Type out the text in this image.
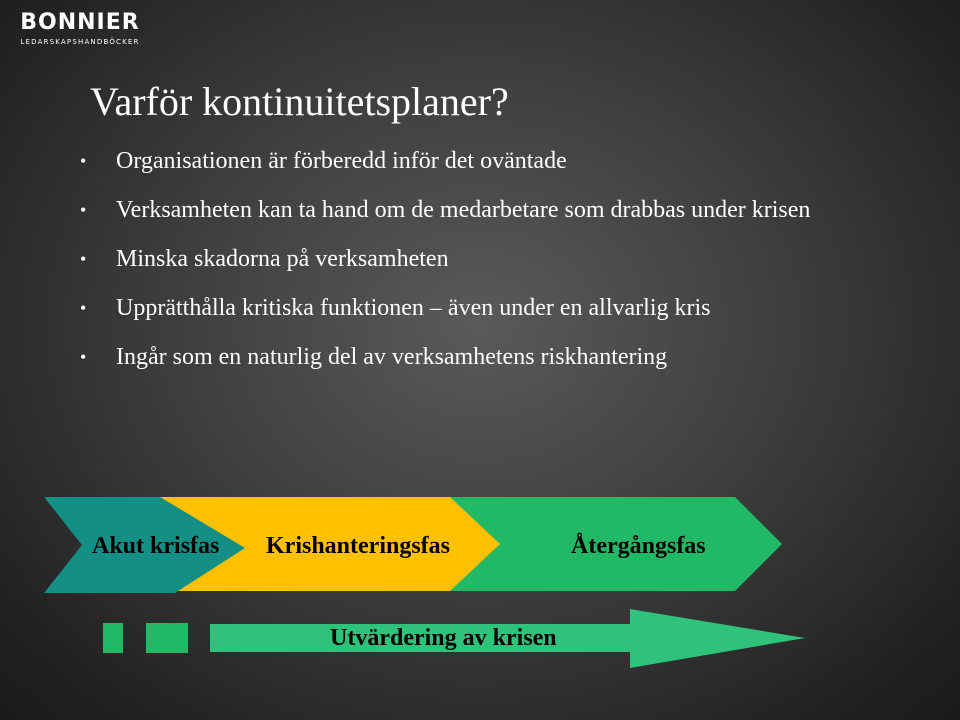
BONNIER
LEDARSKAPSHANDBÖCKER
Varför kontinuitetsplaner?
• Organisationen är förberedd inför det oväntade
• Verksamheten kan ta hand om de medarbetare som drabbas under krisen
• Minska skadorna på verksamheten
• Upprätthålla kritiska funktionen – även under en allvarlig kris
• Ingår som en naturlig del av verksamhetens riskhantering
Akut krisfas Krishanteringsfas	Återgångsfas
Utvärdering av krisen
